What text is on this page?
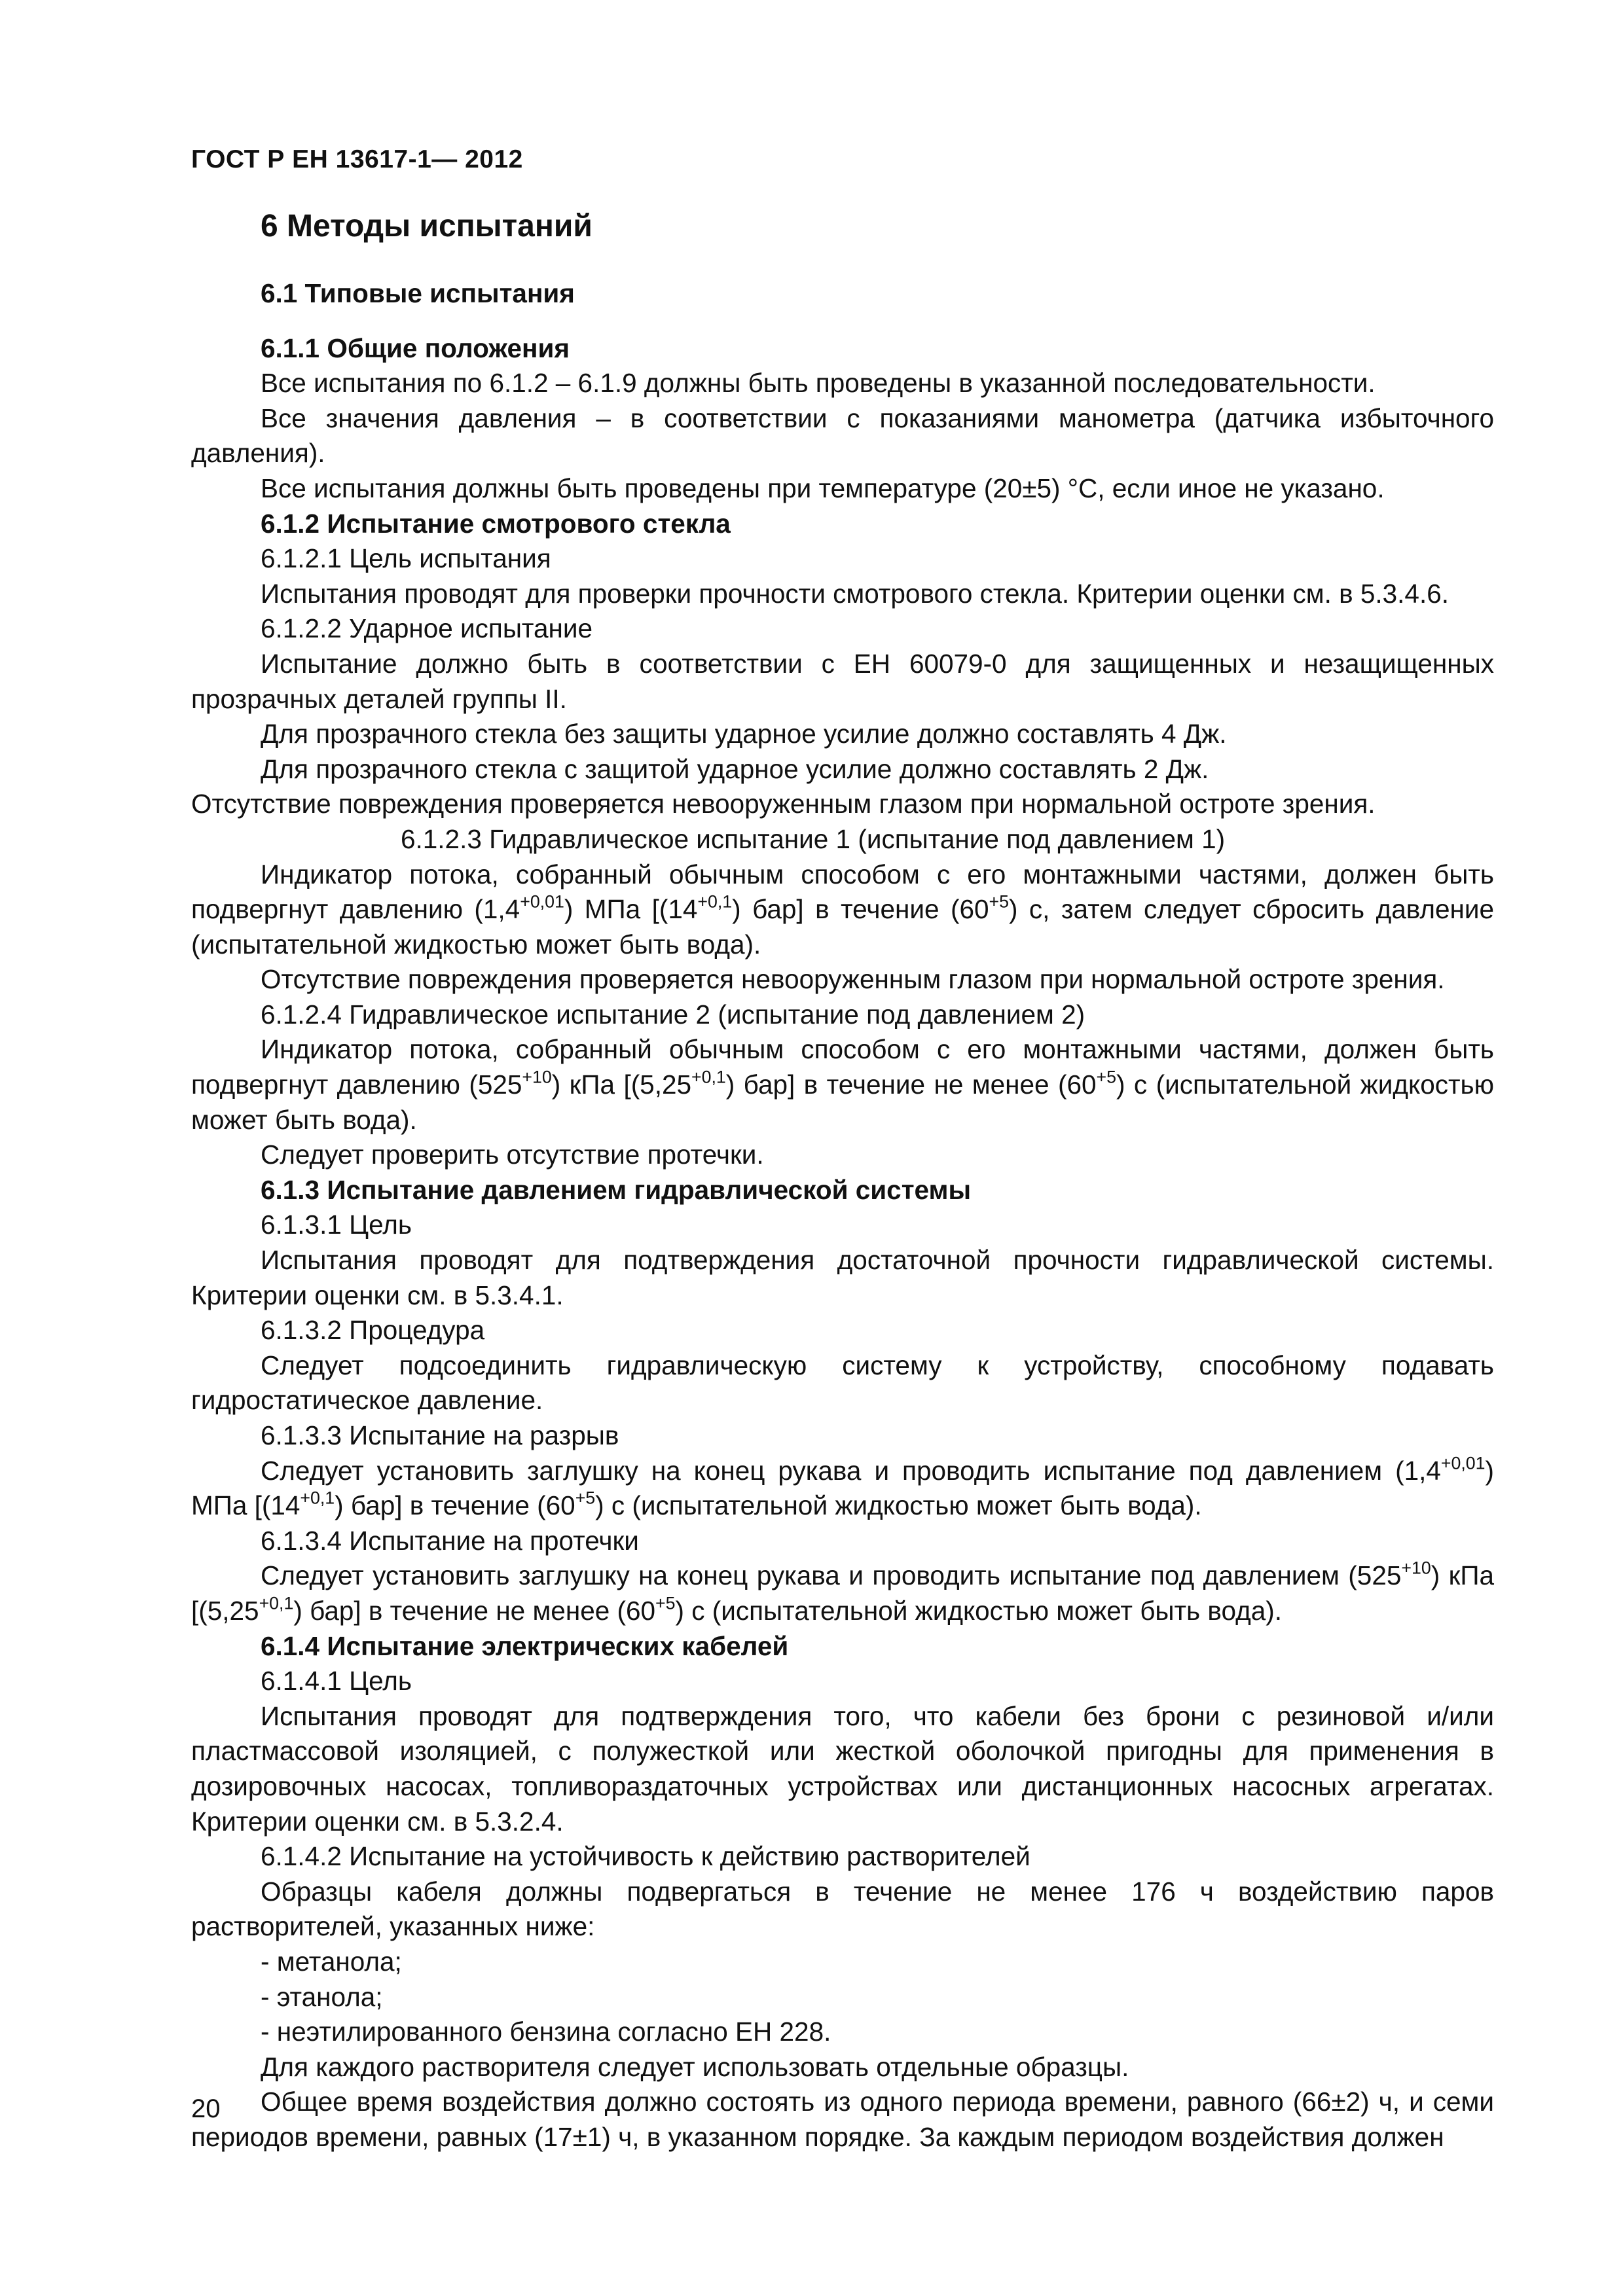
ГОСТ Р ЕН 13617-1— 2012
6 Методы испытаний

6.1 Типовые испытания

6.1.1 Общие положения

Все испытания по 6.1.2 – 6.1.9 должны быть проведены в указанной последовательности.

Все значения давления – в соответствии с показаниями манометра (датчика избыточного давления).

Все испытания должны быть проведены при температуре (20±5) °С, если иное не указано.

6.1.2 Испытание смотрового стекла

6.1.2.1 Цель испытания

Испытания проводят для проверки прочности смотрового стекла. Критерии оценки см. в 5.3.4.6.

6.1.2.2 Ударное испытание

Испытание должно быть в соответствии с ЕН 60079-0 для защищенных и незащищенных прозрачных деталей группы II.

Для прозрачного стекла без защиты ударное усилие должно составлять 4 Дж.

Для прозрачного стекла с защитой ударное усилие должно составлять 2 Дж.

Отсутствие повреждения проверяется невооруженным глазом при нормальной остроте зрения.

6.1.2.3 Гидравлическое испытание 1 (испытание под давлением 1)

Индикатор потока, собранный обычным способом с его монтажными частями, должен быть подвергнут давлению $(1,4^{+0,01})$ МПа [$(14^{+0,1})$ бар] в течение $(60^{+5})$ с, затем следует сбросить давление (испытательной жидкостью может быть вода).

Отсутствие повреждения проверяется невооруженным глазом при нормальной остроте зрения.

6.1.2.4 Гидравлическое испытание 2 (испытание под давлением 2)

Индикатор потока, собранный обычным способом с его монтажными частями, должен быть подвергнут давлению $(525^{+10})$ кПа [$(5,25^{+0,1})$ бар] в течение не менее $(60^{+5})$ с (испытательной жидкостью может быть вода).

Следует проверить отсутствие протечки.

6.1.3 Испытание давлением гидравлической системы

6.1.3.1 Цель

Испытания проводят для подтверждения достаточной прочности гидравлической системы. Критерии оценки см. в 5.3.4.1.

6.1.3.2 Процедура

Следует подсоединить гидравлическую систему к устройству, способному подавать гидростатическое давление.

6.1.3.3 Испытание на разрыв

Следует установить заглушку на конец рукава и проводить испытание под давлением $(1,4^{+0,01})$ МПа [$(14^{+0,1})$ бар] в течение $(60^{+5})$ с (испытательной жидкостью может быть вода).

6.1.3.4 Испытание на протечки

Следует установить заглушку на конец рукава и проводить испытание под давлением $(525^{+10})$ кПа [$(5,25^{+0,1})$ бар] в течение не менее $(60^{+5})$ с (испытательной жидкостью может быть вода).

6.1.4 Испытание электрических кабелей

6.1.4.1 Цель

Испытания проводят для подтверждения того, что кабели без брони с резиновой и/или пластмассовой изоляцией, с полужесткой или жесткой оболочкой пригодны для применения в дозировочных насосах, топливораздаточных устройствах или дистанционных насосных агрегатах. Критерии оценки см. в 5.3.2.4.

6.1.4.2 Испытание на устойчивость к действию растворителей

Образцы кабеля должны подвергаться в течение не менее 176 ч воздействию паров растворителей, указанных ниже:

- метанола;

- этанола;

- неэтилированного бензина согласно ЕН 228.

Для каждого растворителя следует использовать отдельные образцы.

Общее время воздействия должно состоять из одного периода времени, равного (66±2) ч, и семи периодов времени, равных (17±1) ч, в указанном порядке. За каждым периодом воздействия должен

20
